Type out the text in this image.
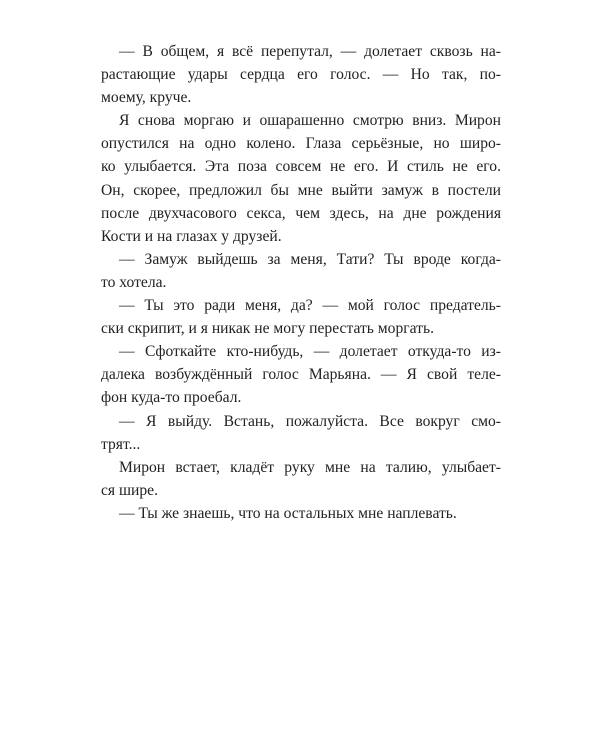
— В общем, я всё перепутал, — долетает сквозь на-
растающие удары сердца его голос. — Но так, по-
моему, круче.
Я снова моргаю и ошарашенно смотрю вниз. Мирон
опустился на одно колено. Глаза серьёзные, но широ-
ко улыбается. Эта поза совсем не его. И стиль не его.
Он, скорее, предложил бы мне выйти замуж в постели
после двухчасового секса, чем здесь, на дне рождения
Кости и на глазах у друзей.
— Замуж выйдешь за меня, Тати? Ты вроде когда-
то хотела.
— Ты это ради меня, да? — мой голос предатель-
ски скрипит, и я никак не могу перестать моргать.
— Сфоткайте кто-нибудь, — долетает откуда-то из-
далека возбуждённый голос Марьяна. — Я свой теле-
фон куда-то проебал.
— Я выйду. Встань, пожалуйста. Все вокруг смо-
трят...
Мирон встает, кладёт руку мне на талию, улыбает-
ся шире.
— Ты же знаешь, что на остальных мне наплевать.
